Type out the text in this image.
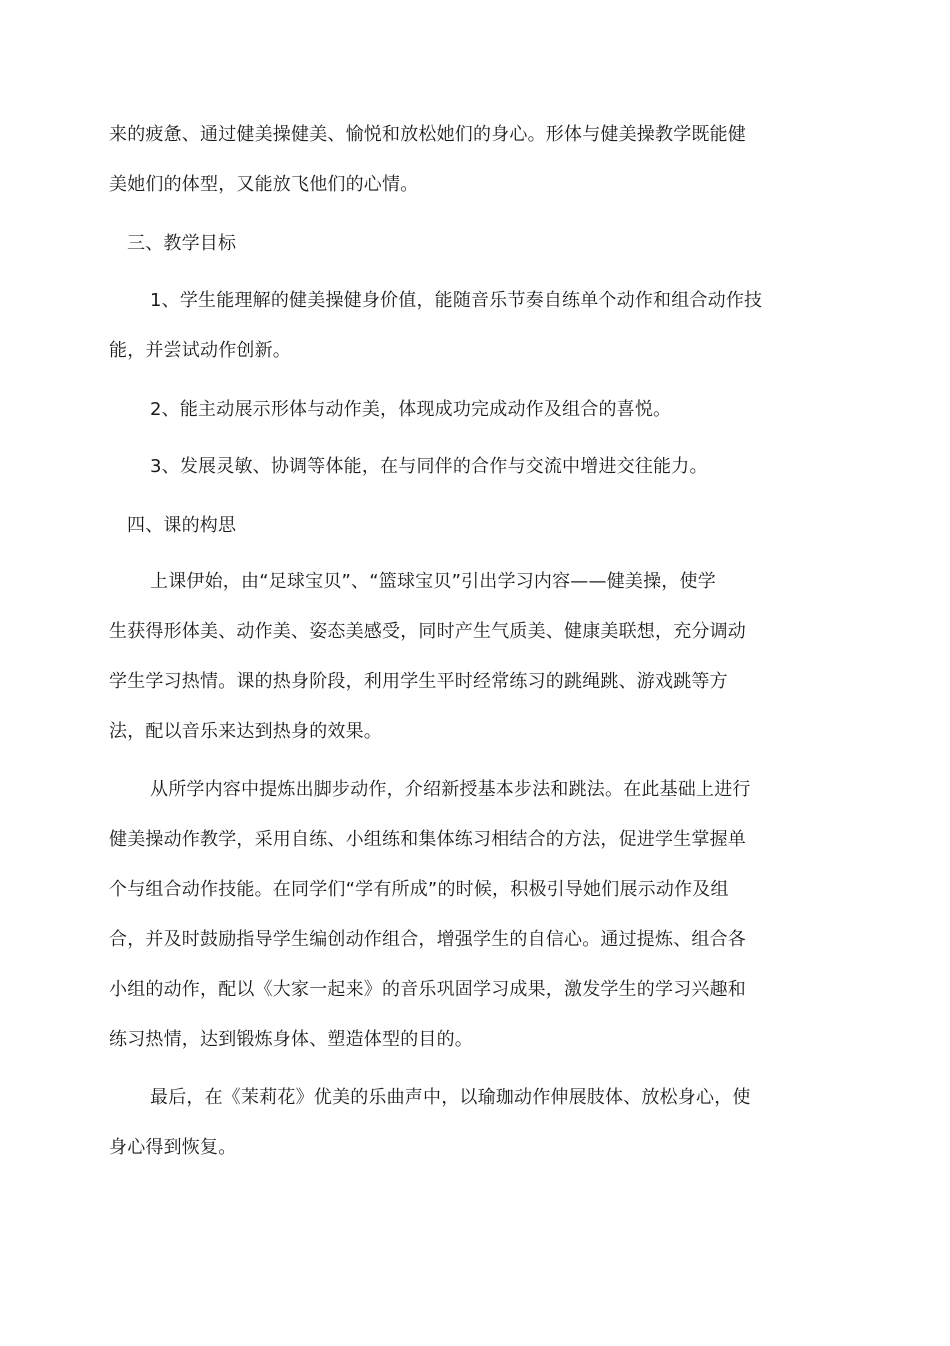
来的疲惫、通过健美操健美、愉悦和放松她们的身心。形体与健美操教学既能健
美她们的体型，又能放飞他们的心情。
三、教学目标
1、学生能理解的健美操健身价值，能随音乐节奏自练单个动作和组合动作技
能，并尝试动作创新。
2、能主动展示形体与动作美，体现成功完成动作及组合的喜悦。
3、发展灵敏、协调等体能，在与同伴的合作与交流中增进交往能力。
四、课的构思
上课伊始，由“足球宝贝”、“篮球宝贝”引出学习内容——健美操，使学
生获得形体美、动作美、姿态美感受，同时产生气质美、健康美联想，充分调动
学生学习热情。课的热身阶段，利用学生平时经常练习的跳绳跳、游戏跳等方
法，配以音乐来达到热身的效果。
从所学内容中提炼出脚步动作，介绍新授基本步法和跳法。在此基础上进行
健美操动作教学，采用自练、小组练和集体练习相结合的方法，促进学生掌握单
个与组合动作技能。在同学们“学有所成”的时候，积极引导她们展示动作及组
合，并及时鼓励指导学生编创动作组合，增强学生的自信心。通过提炼、组合各
小组的动作，配以《大家一起来》的音乐巩固学习成果，激发学生的学习兴趣和
练习热情，达到锻炼身体、塑造体型的目的。
最后，在《茉莉花》优美的乐曲声中，以瑜珈动作伸展肢体、放松身心，使
身心得到恢复。
